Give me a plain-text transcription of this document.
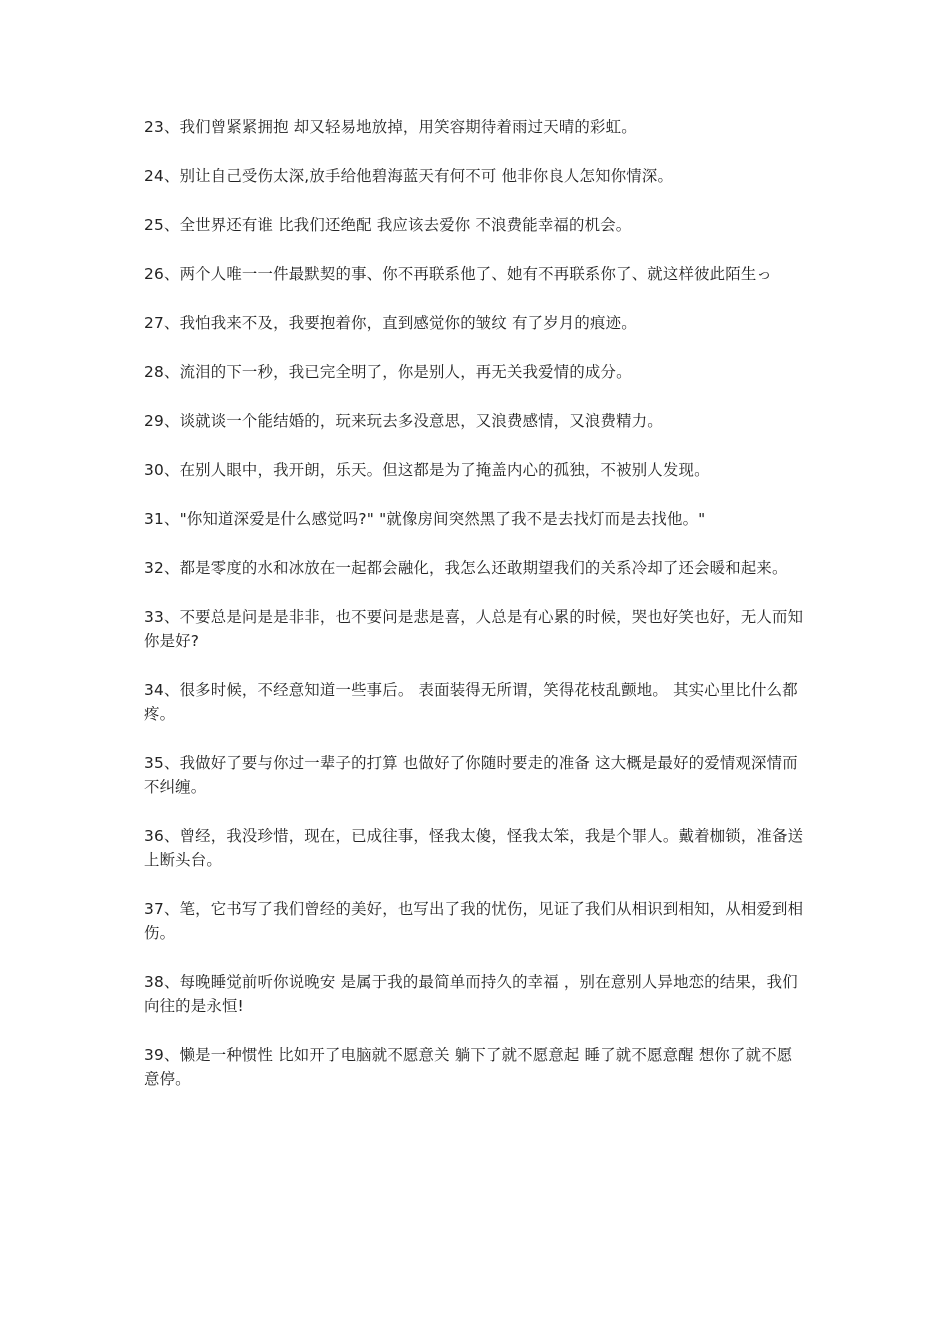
23、我们曾紧紧拥抱 却又轻易地放掉，用笑容期待着雨过天晴的彩虹。

24、别让自己受伤太深,放手给他碧海蓝天有何不可 他非你良人怎知你情深。

25、全世界还有谁 比我们还绝配 我应该去爱你 不浪费能幸福的机会。

26、两个人唯一一件最默契的事、你不再联系他了、她有不再联系你了、就这样彼此陌生っ

27、我怕我来不及，我要抱着你，直到感觉你的皱纹 有了岁月的痕迹。

28、流泪的下一秒，我已完全明了，你是别人，再无关我爱情的成分。

29、谈就谈一个能结婚的，玩来玩去多没意思，又浪费感情，又浪费精力。

30、在别人眼中，我开朗，乐天。但这都是为了掩盖内心的孤独，不被别人发现。

31、"你知道深爱是什么感觉吗?" "就像房间突然黑了我不是去找灯而是去找他。"

32、都是零度的水和冰放在一起都会融化，我怎么还敢期望我们的关系冷却了还会暖和起来。

33、不要总是问是是非非，也不要问是悲是喜，人总是有心累的时候，哭也好笑也好，无人而知你是好?

34、很多时候，不经意知道一些事后。 表面装得无所谓，笑得花枝乱颤地。 其实心里比什么都疼。

35、我做好了要与你过一辈子的打算 也做好了你随时要走的准备 这大概是最好的爱情观深情而不纠缠。

36、曾经，我没珍惜，现在，已成往事，怪我太傻，怪我太笨，我是个罪人。戴着枷锁，准备送上断头台。

37、笔，它书写了我们曾经的美好，也写出了我的忧伤，见证了我们从相识到相知，从相爱到相伤。

38、每晚睡觉前听你说晚安 是属于我的最简单而持久的幸福 ，别在意别人异地恋的结果，我们向往的是永恒!

39、懒是一种惯性 比如开了电脑就不愿意关 躺下了就不愿意起 睡了就不愿意醒 想你了就不愿意停。
